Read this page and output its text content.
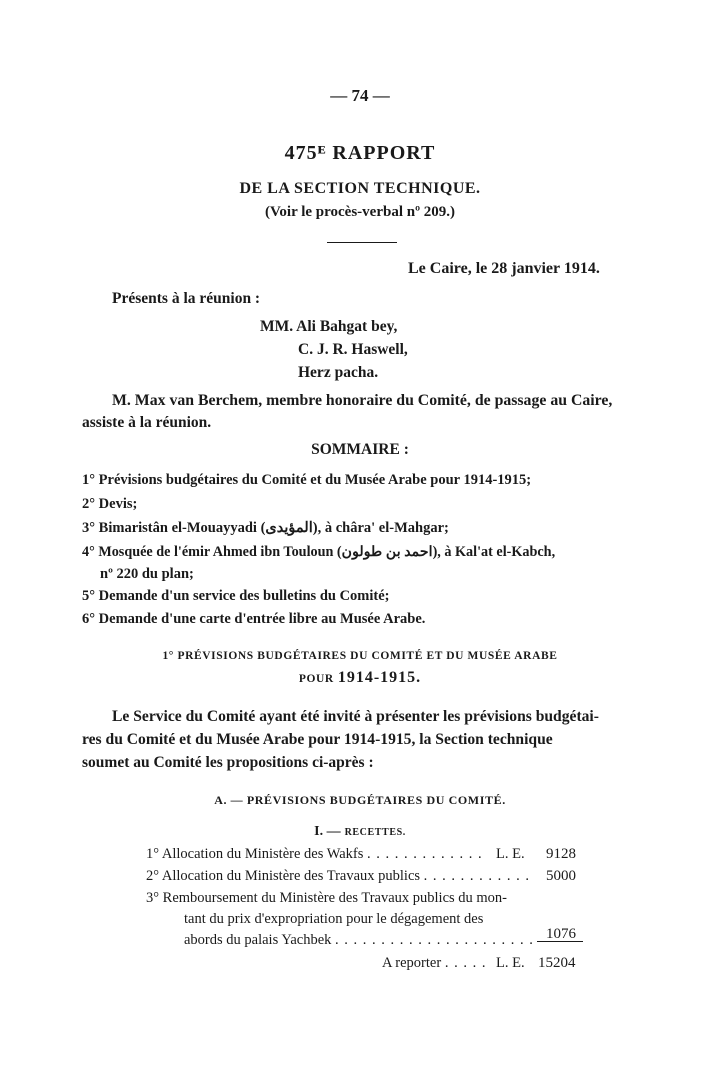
— 74 —
475ᴱ RAPPORT
DE LA SECTION TECHNIQUE.
(Voir le procès-verbal nº 209.)
Le Caire, le 28 janvier 1914.
Présents à la réunion :
MM. Ali Bahgat bey,
C. J. R. Haswell,
Herz pacha.
M. Max van Berchem, membre honoraire du Comité, de passage au Caire,
assiste à la réunion.
SOMMAIRE :
1° Prévisions budgétaires du Comité et du Musée Arabe pour 1914-1915;
2° Devis;
3° Bimaristân el-Mouayyadi (المؤيدى), à châra' el-Mahgar;
4° Mosquée de l'émir Ahmed ibn Touloun (احمد بن طولون), à Kal'at el-Kabch,
nº 220 du plan;
5° Demande d'un service des bulletins du Comité;
6° Demande d'une carte d'entrée libre au Musée Arabe.
1° PRÉVISIONS BUDGÉTAIRES DU COMITÉ ET DU MUSÉE ARABE
POUR 1914-1915.
Le Service du Comité ayant été invité à présenter les prévisions budgétai-
res du Comité et du Musée Arabe pour 1914-1915, la Section technique
soumet au Comité les propositions ci-après :
A. — PRÉVISIONS BUDGÉTAIRES DU COMITÉ.
I. — RECETTES.
1° Allocation du Ministère des Wakfs . . . . . . . . . . . . . L. E. 9128
2° Allocation du Ministère des Travaux publics . . . . . . . . . . . . 5000
3° Remboursement du Ministère des Travaux publics du mon-
tant du prix d'expropriation pour le dégagement des
abords du palais Yachbek . . . . . . . . . . . . . . . . . . . . . . 1076
A reporter . . . . . L. E. 15204
